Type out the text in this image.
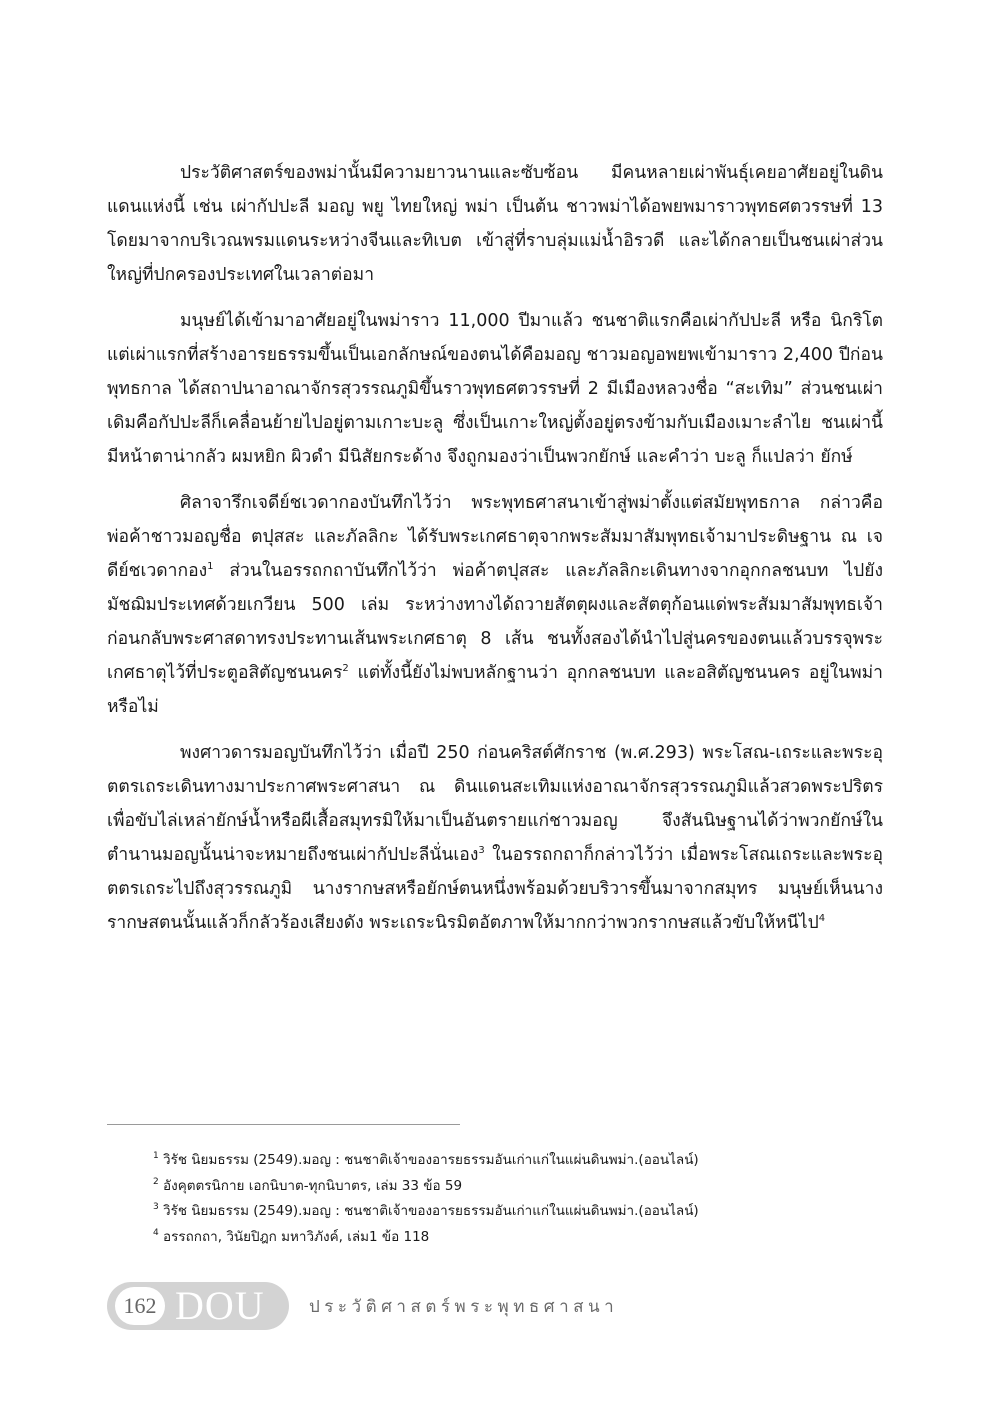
ประวัติศาสตร์ของพม่านั้นมีความยาวนานและซับซ้อน มีคนหลายเผ่าพันธุ์เคยอาศัยอยู่ในดินแดนแห่งนี้ เช่น เผ่ากัปปะลี มอญ พยู ไทยใหญ่ พม่า เป็นต้น ชาวพม่าได้อพยพมาราวพุทธศตวรรษที่ 13 โดยมาจากบริเวณพรมแดนระหว่างจีนและทิเบต เข้าสู่ที่ราบลุ่มแม่น้ำอิรวดี และได้กลายเป็นชนเผ่าส่วนใหญ่ที่ปกครองประเทศในเวลาต่อมา

มนุษย์ได้เข้ามาอาศัยอยู่ในพม่าราว 11,000 ปีมาแล้ว ชนชาติแรกคือเผ่ากัปปะลี หรือ นิกริโต แต่เผ่าแรกที่สร้างอารยธรรมขึ้นเป็นเอกลักษณ์ของตนได้คือมอญ ชาวมอญอพยพเข้ามาราว 2,400 ปีก่อนพุทธกาล ได้สถาปนาอาณาจักรสุวรรณภูมิขึ้นราวพุทธศตวรรษที่ 2 มีเมืองหลวงชื่อ “สะเทิม” ส่วนชนเผ่าเดิมคือกัปปะลีก็เคลื่อนย้ายไปอยู่ตามเกาะบะลู ซึ่งเป็นเกาะใหญ่ตั้งอยู่ตรงข้ามกับเมืองเมาะลำไย ชนเผ่านี้มีหน้าตาน่ากลัว ผมหยิก ผิวดำ มีนิสัยกระด้าง จึงถูกมองว่าเป็นพวกยักษ์ และคำว่า บะลู ก็แปลว่า ยักษ์

ศิลาจารึกเจดีย์ชเวดากองบันทึกไว้ว่า พระพุทธศาสนาเข้าสู่พม่าตั้งแต่สมัยพุทธกาล กล่าวคือพ่อค้าชาวมอญชื่อ ตปุสสะ และภัลลิกะ ได้รับพระเกศธาตุจากพระสัมมาสัมพุทธเจ้ามาประดิษฐาน ณ เจดีย์ชเวดากอง$^1$ ส่วนในอรรถกถาบันทึกไว้ว่า พ่อค้าตปุสสะ และภัลลิกะเดินทางจากอุกกลชนบท ไปยังมัชฌิมประเทศด้วยเกวียน 500 เล่ม ระหว่างทางได้ถวายสัตตุผงและสัตตุก้อนแด่พระสัมมาสัมพุทธเจ้า ก่อนกลับพระศาสดาทรงประทานเส้นพระเกศธาตุ 8 เส้น ชนทั้งสองได้นำไปสู่นครของตนแล้วบรรจุพระเกศธาตุไว้ที่ประตูอสิตัญชนนคร$^2$ แต่ทั้งนี้ยังไม่พบหลักฐานว่า อุกกลชนบท และอสิตัญชนนคร อยู่ในพม่าหรือไม่

พงศาวดารมอญบันทึกไว้ว่า เมื่อปี 250 ก่อนคริสต์ศักราช (พ.ศ.293) พระโสณ-เถระและพระอุตตรเถระเดินทางมาประกาศพระศาสนา ณ ดินแดนสะเทิมแห่งอาณาจักรสุวรรณภูมิแล้วสวดพระปริตรเพื่อขับไล่เหล่ายักษ์น้ำหรือผีเสื้อสมุทรมิให้มาเป็นอันตรายแก่ชาวมอญ จึงสันนิษฐานได้ว่าพวกยักษ์ในตำนานมอญนั้นน่าจะหมายถึงชนเผ่ากัปปะลีนั่นเอง$^3$ ในอรรถกถาก็กล่าวไว้ว่า เมื่อพระโสณเถระและพระอุตตรเถระไปถึงสุวรรณภูมิ นางรากษสหรือยักษ์ตนหนึ่งพร้อมด้วยบริวารขึ้นมาจากสมุทร มนุษย์เห็นนางรากษสตนนั้นแล้วก็กลัวร้องเสียงดัง พระเถระนิรมิตอัตภาพให้มากกว่าพวกรากษสแล้วขับให้หนีไป$^4$

$^1$ วิรัช นิยมธรรม (2549).มอญ : ชนชาติเจ้าของอารยธรรมอันเก่าแก่ในแผ่นดินพม่า.(ออนไลน์)

$^2$ อังคุตตรนิกาย เอกนิบาต-ทุกนิบาตร, เล่ม 33 ข้อ 59

$^3$ วิรัช นิยมธรรม (2549).มอญ : ชนชาติเจ้าของอารยธรรมอันเก่าแก่ในแผ่นดินพม่า.(ออนไลน์)

$^4$ อรรถกถา, วินัยปิฎก มหาวิภังค์, เล่ม1 ข้อ 118

162 DOU	ประวัติศาสตร์พระพุทธศาสนา
